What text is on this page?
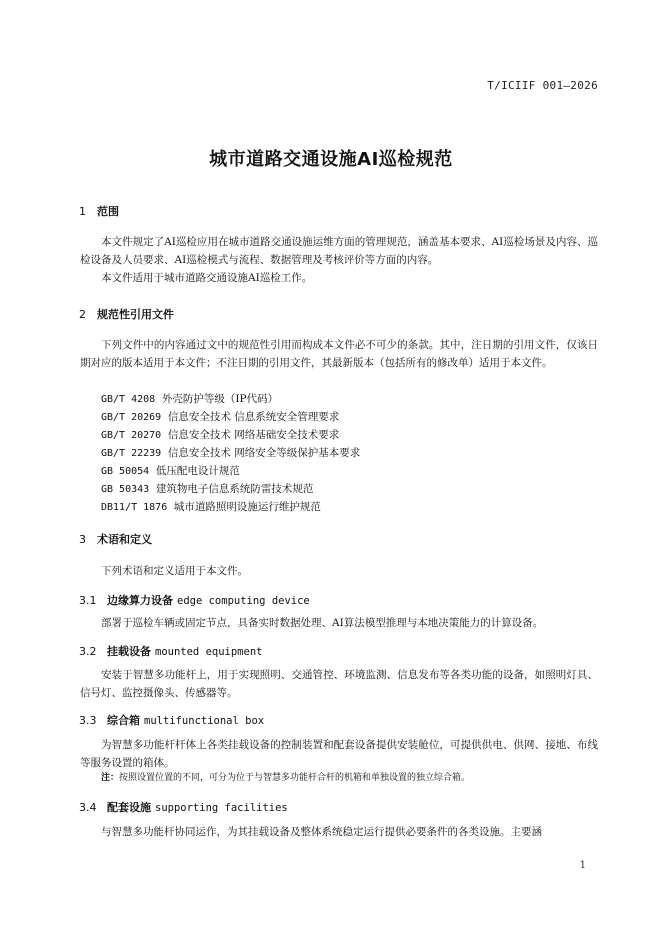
T/ICIIF 001—2026
城市道路交通设施AI巡检规范
1 范围
本文件规定了AI巡检应用在城市道路交通设施运维方面的管理规范，涵盖基本要求、AI巡检场景及内容、巡检设备及人员要求、AI巡检模式与流程、数据管理及考核评价等方面的内容。
本文件适用于城市道路交通设施AI巡检工作。
2 规范性引用文件
下列文件中的内容通过文中的规范性引用而构成本文件必不可少的条款。其中，注日期的引用文件，仅该日期对应的版本适用于本文件；不注日期的引用文件，其最新版本（包括所有的修改单）适用于本文件。
GB/T 4208 外壳防护等级（IP代码）
GB/T 20269 信息安全技术 信息系统安全管理要求
GB/T 20270 信息安全技术 网络基础安全技术要求
GB/T 22239 信息安全技术 网络安全等级保护基本要求
GB 50054 低压配电设计规范
GB 50343 建筑物电子信息系统防雷技术规范
DB11/T 1876 城市道路照明设施运行维护规范
3 术语和定义
下列术语和定义适用于本文件。
3.1 边缘算力设备 edge computing device
部署于巡检车辆或固定节点，具备实时数据处理、AI算法模型推理与本地决策能力的计算设备。
3.2 挂载设备 mounted equipment
安装于智慧多功能杆上，用于实现照明、交通管控、环境监测、信息发布等各类功能的设备，如照明灯具、信号灯、监控摄像头、传感器等。
3.3 综合箱 multifunctional box
为智慧多功能杆杆体上各类挂载设备的控制装置和配套设备提供安装舱位，可提供供电、供网、接地、布线等服务设置的箱体。
注：按照设置位置的不同，可分为位于与智慧多功能杆合杆的机箱和单独设置的独立综合箱。
3.4 配套设施 supporting facilities
与智慧多功能杆协同运作，为其挂载设备及整体系统稳定运行提供必要条件的各类设施。主要涵
1
